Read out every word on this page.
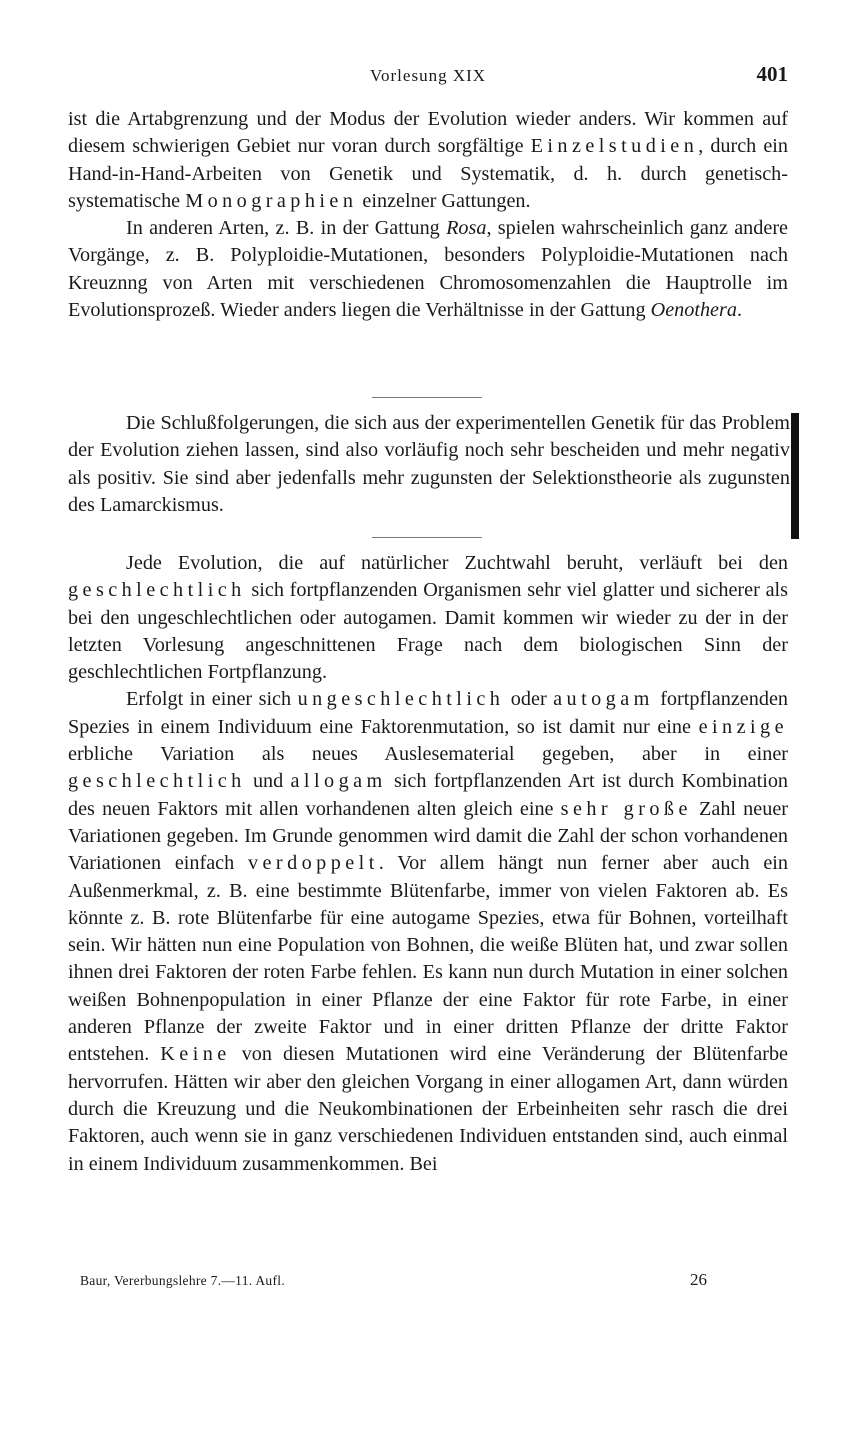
Vorlesung XIX	401

ist die Artabgrenzung und der Modus der Evolution wieder anders. Wir kommen auf diesem schwierigen Gebiet nur voran durch sorgfältige Einzelstudien, durch ein Hand-in-Hand-Arbeiten von Genetik und Systematik, d. h. durch genetisch-systematische Monographien einzelner Gattungen.

In anderen Arten, z. B. in der Gattung Rosa, spielen wahrscheinlich ganz andere Vorgänge, z. B. Polyploidie-Mutationen, besonders Polyploidie-Mutationen nach Kreuznng von Arten mit verschiedenen Chromosomenzahlen die Hauptrolle im Evolutionsprozeß. Wieder anders liegen die Verhältnisse in der Gattung Oenothera.

Die Schlußfolgerungen, die sich aus der experimentellen Genetik für das Problem der Evolution ziehen lassen, sind also vorläufig noch sehr bescheiden und mehr negativ als positiv. Sie sind aber jedenfalls mehr zugunsten der Selektionstheorie als zugunsten des Lamarckismus.

Jede Evolution, die auf natürlicher Zuchtwahl beruht, verläuft bei den geschlechtlich sich fortpflanzenden Organismen sehr viel glatter und sicherer als bei den ungeschlechtlichen oder autogamen. Damit kommen wir wieder zu der in der letzten Vorlesung angeschnittenen Frage nach dem biologischen Sinn der geschlechtlichen Fortpflanzung.

Erfolgt in einer sich ungeschlechtlich oder autogam fortpflanzenden Spezies in einem Individuum eine Faktorenmutation, so ist damit nur eine einzige erbliche Variation als neues Auslesematerial gegeben, aber in einer geschlechtlich und allogam sich fortpflanzenden Art ist durch Kombination des neuen Faktors mit allen vorhandenen alten gleich eine sehr große Zahl neuer Variationen gegeben. Im Grunde genommen wird damit die Zahl der schon vorhandenen Variationen einfach verdoppelt. Vor allem hängt nun ferner aber auch ein Außenmerkmal, z. B. eine bestimmte Blütenfarbe, immer von vielen Faktoren ab. Es könnte z. B. rote Blütenfarbe für eine autogame Spezies, etwa für Bohnen, vorteilhaft sein. Wir hätten nun eine Population von Bohnen, die weiße Blüten hat, und zwar sollen ihnen drei Faktoren der roten Farbe fehlen. Es kann nun durch Mutation in einer solchen weißen Bohnenpopulation in einer Pflanze der eine Faktor für rote Farbe, in einer anderen Pflanze der zweite Faktor und in einer dritten Pflanze der dritte Faktor entstehen. Keine von diesen Mutationen wird eine Veränderung der Blütenfarbe hervorrufen. Hätten wir aber den gleichen Vorgang in einer allogamen Art, dann würden durch die Kreuzung und die Neukombinationen der Erbeinheiten sehr rasch die drei Faktoren, auch wenn sie in ganz verschiedenen Individuen entstanden sind, auch einmal in einem Individuum zusammenkommen. Bei

Baur, Vererbungslehre 7.—11. Aufl.	26
